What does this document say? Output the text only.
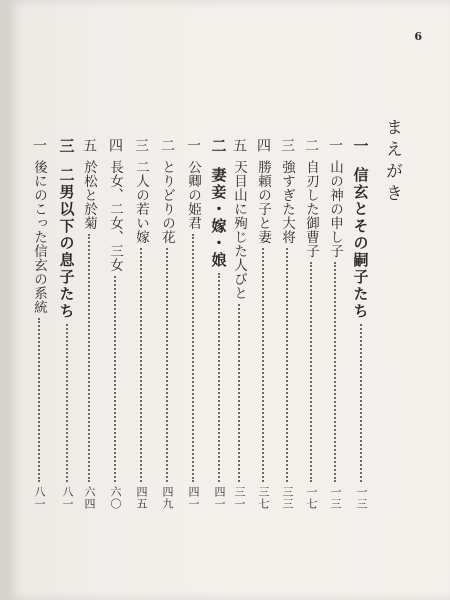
6
まえがき
一
信玄とその嗣子たち
一三
一
山の神の申し子
一三
二
自刃した御曹子
一七
三
強すぎた大将
三三
四
勝頼の子と妻
三七
五
天目山に殉じた人びと
三一
二
妻妾・嫁・娘
四一
一
公卿の姫君
四一
二
とりどりの花
四九
三
二人の若い嫁
四五
四
長女、二女、三女
六〇
五
於松と於菊
六四
三
二男以下の息子たち
八一
一
後にのこった信玄の系統
八一
